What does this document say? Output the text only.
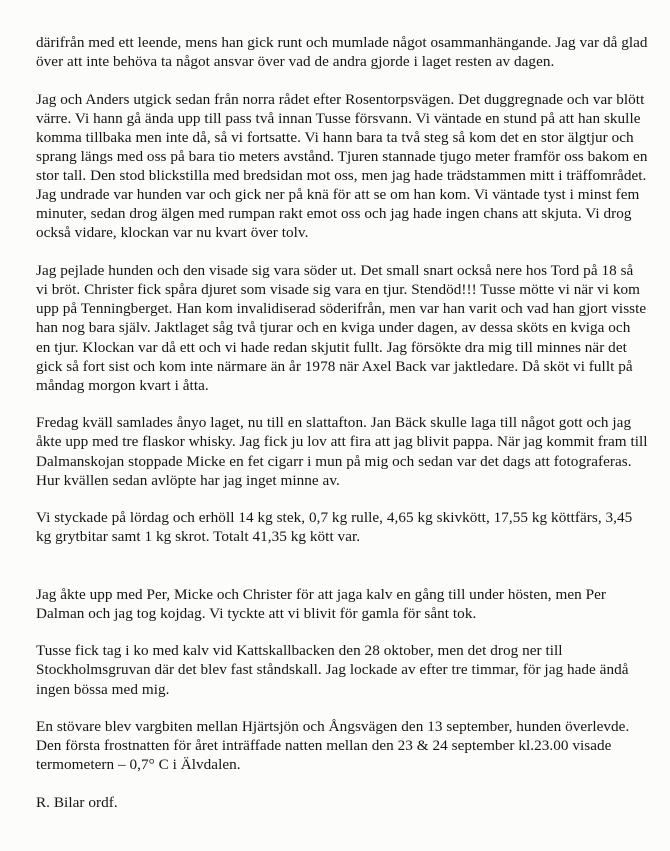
därifrån med ett leende, mens han gick runt och mumlade något osammanhängande. Jag var då glad över att inte behöva ta något ansvar över vad de andra gjorde i laget resten av dagen.

Jag och Anders utgick sedan från norra rådet efter Rosentorpsvägen. Det duggregnade och var blött värre. Vi hann gå ända upp till pass två innan Tusse försvann. Vi väntade en stund på att han skulle komma tillbaka men inte då, så vi fortsatte. Vi hann bara ta två steg så kom det en stor älgtjur och sprang längs med oss på bara tio meters avstånd. Tjuren stannade tjugo meter framför oss bakom en stor tall. Den stod blickstilla med bredsidan mot oss, men jag hade trädstammen mitt i träffområdet. Jag undrade var hunden var och gick ner på knä för att se om han kom. Vi väntade tyst i minst fem minuter, sedan drog älgen med rumpan rakt emot oss och jag hade ingen chans att skjuta. Vi drog också vidare, klockan var nu kvart över tolv.

Jag pejlade hunden och den visade sig vara söder ut. Det small snart också nere hos Tord på 18 så vi bröt. Christer fick spåra djuret som visade sig vara en tjur. Stendöd!!! Tusse mötte vi när vi kom upp på Tenningberget. Han kom invalidiserad söderifrån, men var han varit och vad han gjort visste han nog bara själv. Jaktlaget såg två tjurar och en kviga under dagen, av dessa sköts en kviga och en tjur. Klockan var då ett och vi hade redan skjutit fullt. Jag försökte dra mig till minnes när det gick så fort sist och kom inte närmare än år 1978 när Axel Back var jaktledare. Då sköt vi fullt på måndag morgon kvart i åtta.

Fredag kväll samlades ånyo laget, nu till en slattafton. Jan Bäck skulle laga till något gott och jag åkte upp med tre flaskor whisky. Jag fick ju lov att fira att jag blivit pappa. När jag kommit fram till Dalmanskojan stoppade Micke en fet cigarr i mun på mig och sedan var det dags att fotograferas. Hur kvällen sedan avlöpte har jag inget minne av.

Vi styckade på lördag och erhöll 14 kg stek, 0,7 kg rulle, 4,65 kg skivkött, 17,55 kg köttfärs, 3,45 kg grytbitar samt 1 kg skrot. Totalt 41,35 kg kött var.

Jag åkte upp med Per, Micke och Christer för att jaga kalv en gång till under hösten, men Per Dalman och jag tog kojdag. Vi tyckte att vi blivit för gamla för sånt tok.

Tusse fick tag i ko med kalv vid Kattskallbacken den 28 oktober, men det drog ner till Stockholmsgruvan där det blev fast ståndskall. Jag lockade av efter tre timmar, för jag hade ändå ingen bössa med mig.

En stövare blev vargbiten mellan Hjärtsjön och Ångsvägen den 13 september, hunden överlevde. Den första frostnatten för året inträffade natten mellan den 23 & 24 september kl.23.00 visade termometern – 0,7° C i Älvdalen.

R. Bilar ordf.
